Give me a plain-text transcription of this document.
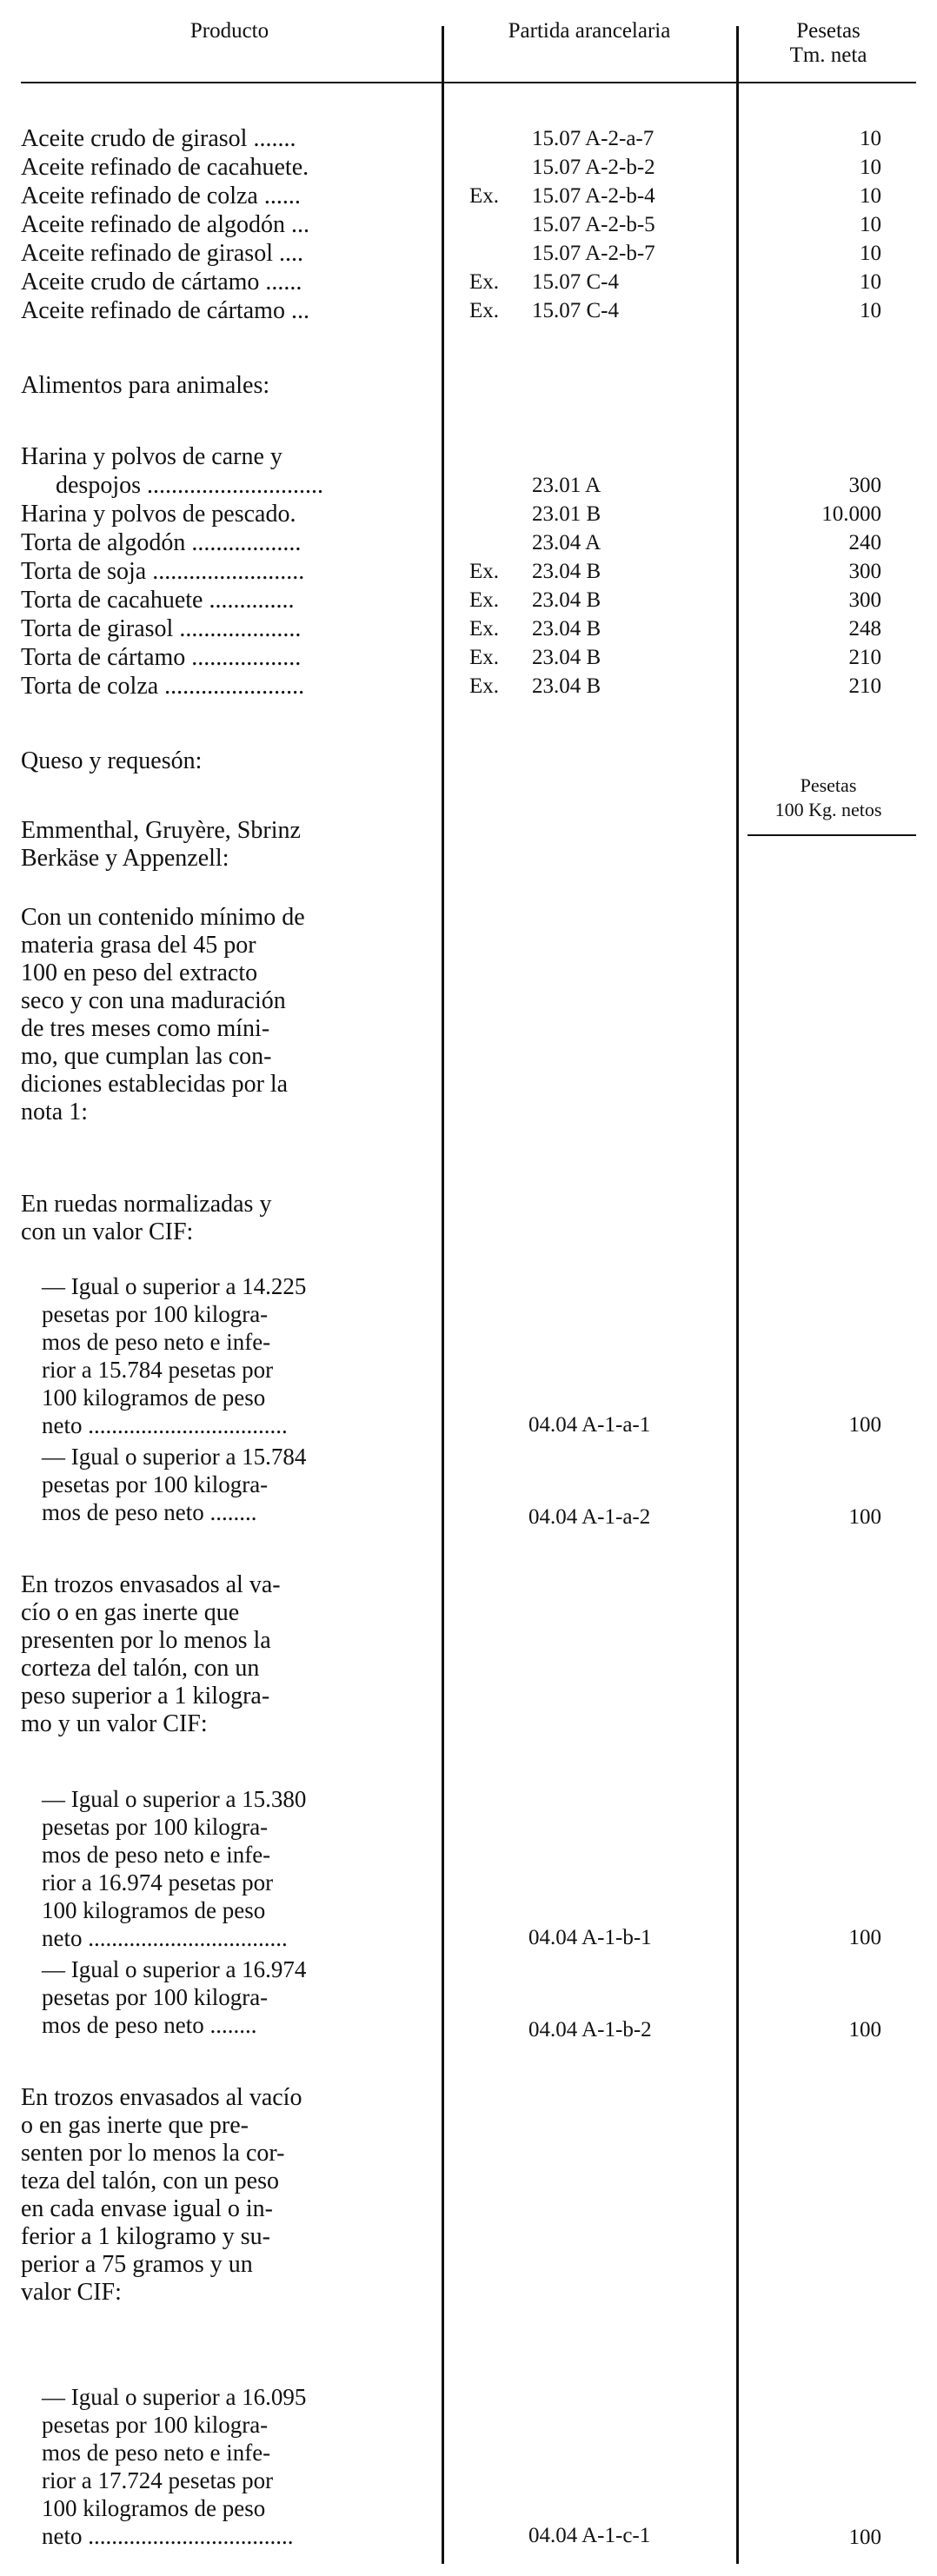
Producto	Partida arancelaria	Pesetas
Tm. neta
Aceite crudo de girasol .......	15.07 A-2-a-7	10
Aceite refinado de cacahuete.	15.07 A-2-b-2	10
Aceite refinado de colza ......	Ex. 15.07 A-2-b-4	10
Aceite refinado de algodón ...	15.07 A-2-b-5	10
Aceite refinado de girasol ....	15.07 A-2-b-7	10
Aceite crudo de cártamo ......	Ex. 15.07 C-4	10
Aceite refinado de cártamo ...	Ex. 15.07 C-4	10
Alimentos para animales:
Harina y polvos de carne y
despojos .............................	23.01 A	300
Harina y polvos de pescado.	23.01 B	10.000
Torta de algodón ..................	23.04 A	240
Torta de soja .........................	Ex. 23.04 B	300
Torta de cacahuete ..............	Ex. 23.04 B	300
Torta de girasol ....................	Ex. 23.04 B	248
Torta de cártamo ..................	Ex. 23.04 B	210
Torta de colza .......................	Ex. 23.04 B	210
Queso y requesón:
Pesetas
100 Kg. netos
Emmenthal, Gruyère, Sbrinz
Berkäse y Appenzell:
Con un contenido mínimo de
materia grasa del 45 por
100 en peso del extracto
seco y con una maduración
de tres meses como míni-
mo, que cumplan las con-
diciones establecidas por la
nota 1:
En ruedas normalizadas y
con un valor CIF:
— Igual o superior a 14.225
pesetas por 100 kilogra-
mos de peso neto e infe-
rior a 15.784 pesetas por
100 kilogramos de peso
neto ..................................	04.04 A-1-a-1	100
— Igual o superior a 15.784
pesetas por 100 kilogra-
mos de peso neto ........	04.04 A-1-a-2	100
En trozos envasados al va-
cío o en gas inerte que
presenten por lo menos la
corteza del talón, con un
peso superior a 1 kilogra-
mo y un valor CIF:
— Igual o superior a 15.380
pesetas por 100 kilogra-
mos de peso neto e infe-
rior a 16.974 pesetas por
100 kilogramos de peso
neto ..................................	04.04 A-1-b-1	100
— Igual o superior a 16.974
pesetas por 100 kilogra-
mos de peso neto ........	04.04 A-1-b-2	100
En trozos envasados al vacío
o en gas inerte que pre-
senten por lo menos la cor-
teza del talón, con un peso
en cada envase igual o in-
ferior a 1 kilogramo y su-
perior a 75 gramos y un
valor CIF:
— Igual o superior a 16.095
pesetas por 100 kilogra-
mos de peso neto e infe-
rior a 17.724 pesetas por
100 kilogramos de peso
neto ...................................	04.04 A-1-c-1	100
